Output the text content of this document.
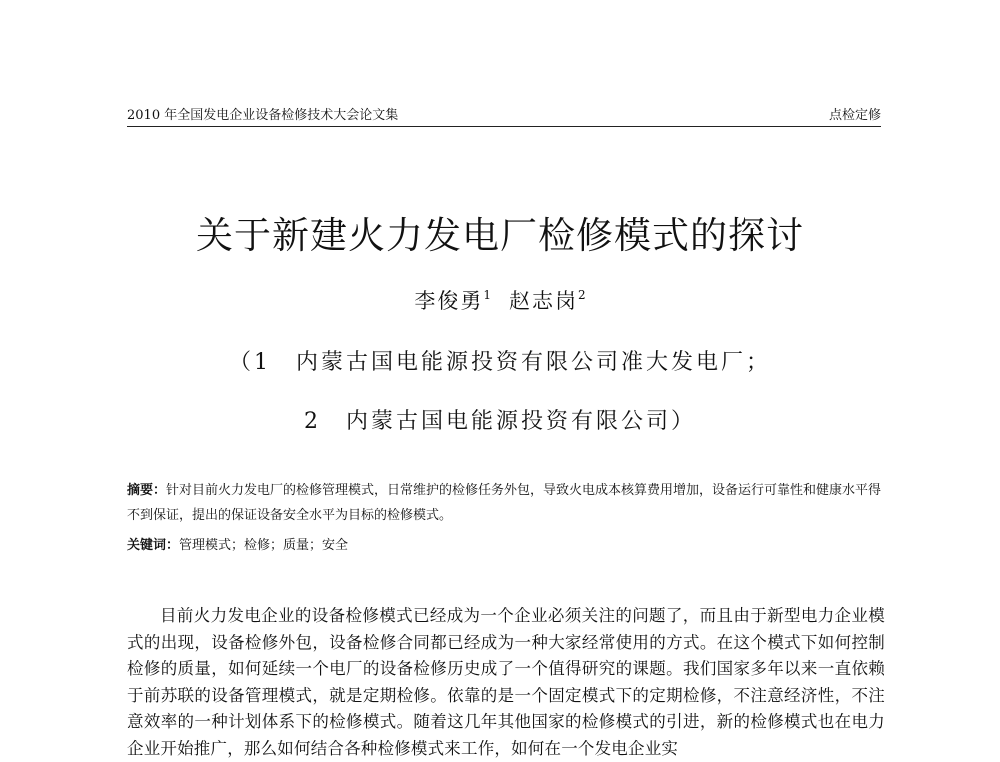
2010 年全国发电企业设备检修技术大会论文集	点检定修
关于新建火力发电厂检修模式的探讨
李俊勇$^1$ 赵志岗$^2$
（1　内蒙古国电能源投资有限公司准大发电厂；
2　内蒙古国电能源投资有限公司）
摘要：针对目前火力发电厂的检修管理模式，日常维护的检修任务外包，导致火电成本核算费用增加，设备运行可靠性和健康水平得不到保证，提出的保证设备安全水平为目标的检修模式。
关键词：管理模式；检修；质量；安全
目前火力发电企业的设备检修模式已经成为一个企业必须关注的问题了，而且由于新型电力企业模式的出现，设备检修外包，设备检修合同都已经成为一种大家经常使用的方式。在这个模式下如何控制检修的质量，如何延续一个电厂的设备检修历史成了一个值得研究的课题。我们国家多年以来一直依赖于前苏联的设备管理模式，就是定期检修。依靠的是一个固定模式下的定期检修，不注意经济性，不注意效率的一种计划体系下的检修模式。随着这几年其他国家的检修模式的引进，新的检修模式也在电力企业开始推广，那么如何结合各种检修模式来工作，如何在一个发电企业实
